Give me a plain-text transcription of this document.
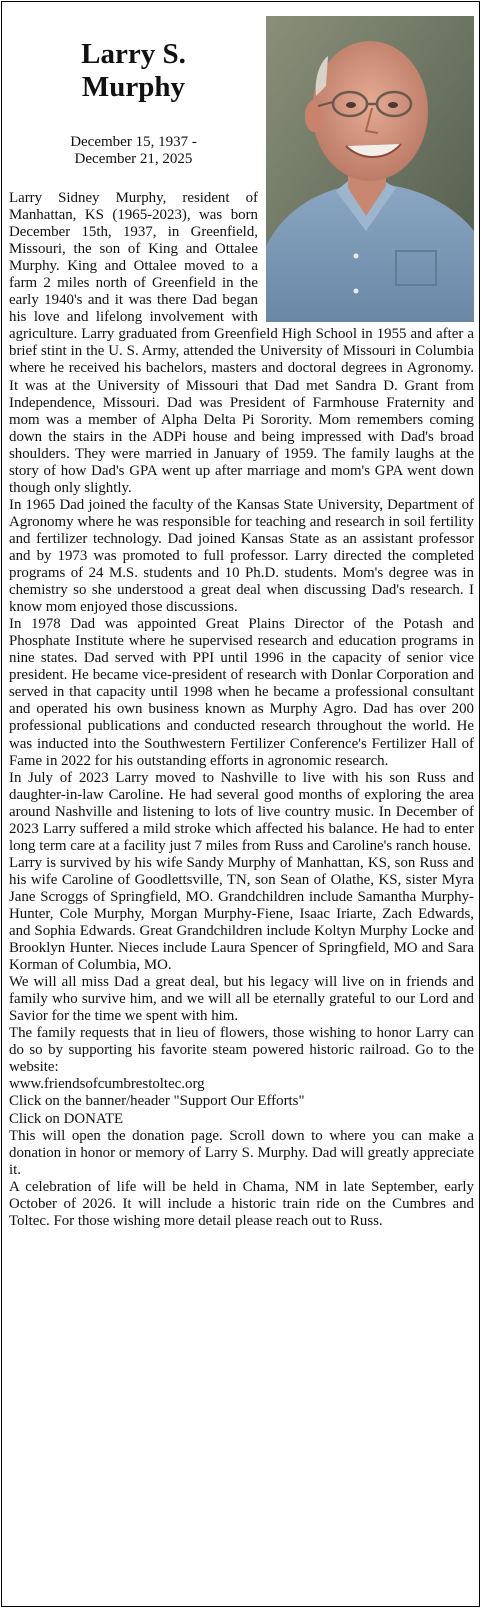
Larry S.
Murphy
December 15, 1937 -
December 21, 2025

Larry Sidney Murphy, resident of Manhattan, KS (1965-2023), was born December 15th, 1937, in Greenfield, Missouri, the son of King and Ottalee Murphy. King and Ottalee moved to a farm 2 miles north of Greenfield in the early 1940's and it was there Dad began his love and lifelong involvement with agriculture. Larry graduated from Greenfield High School in 1955 and after a brief stint in the U. S. Army, attended the University of Missouri in Columbia where he received his bachelors, masters and doctoral degrees in Agronomy. It was at the University of Missouri that Dad met Sandra D. Grant from Independence, Missouri. Dad was President of Farmhouse Fraternity and mom was a member of Alpha Delta Pi Sorority. Mom remembers coming down the stairs in the ADPi house and being impressed with Dad's broad shoulders. They were married in January of 1959. The family laughs at the story of how Dad's GPA went up after marriage and mom's GPA went down though only slightly.

In 1965 Dad joined the faculty of the Kansas State University, Department of Agronomy where he was responsible for teaching and research in soil fertility and fertilizer technology. Dad joined Kansas State as an assistant professor and by 1973 was promoted to full professor. Larry directed the completed programs of 24 M.S. students and 10 Ph.D. students. Mom's degree was in chemistry so she understood a great deal when discussing Dad's research. I know mom enjoyed those discussions.

In 1978 Dad was appointed Great Plains Director of the Potash and Phosphate Institute where he supervised research and education programs in nine states. Dad served with PPI until 1996 in the capacity of senior vice president. He became vice-president of research with Donlar Corporation and served in that capacity until 1998 when he became a professional consultant and operated his own business known as Murphy Agro. Dad has over 200 professional publications and conducted research throughout the world. He was inducted into the Southwestern Fertilizer Conference's Fertilizer Hall of Fame in 2022 for his outstanding efforts in agronomic research.

In July of 2023 Larry moved to Nashville to live with his son Russ and daughter-in-law Caroline. He had several good months of exploring the area around Nashville and listening to lots of live country music. In December of 2023 Larry suffered a mild stroke which affected his balance. He had to enter long term care at a facility just 7 miles from Russ and Caroline's ranch house.

Larry is survived by his wife Sandy Murphy of Manhattan, KS, son Russ and his wife Caroline of Goodlettsville, TN, son Sean of Olathe, KS, sister Myra Jane Scroggs of Springfield, MO. Grandchildren include Samantha Murphy-Hunter, Cole Murphy, Morgan Murphy-Fiene, Isaac Iriarte, Zach Edwards, and Sophia Edwards. Great Grandchildren include Koltyn Murphy Locke and Brooklyn Hunter. Nieces include Laura Spencer of Springfield, MO and Sara Korman of Columbia, MO.

We will all miss Dad a great deal, but his legacy will live on in friends and family who survive him, and we will all be eternally grateful to our Lord and Savior for the time we spent with him.

The family requests that in lieu of flowers, those wishing to honor Larry can do so by supporting his favorite steam powered historic railroad. Go to the website:

www.friendsofcumbrestoltec.org

Click on the banner/header "Support Our Efforts"

Click on DONATE

This will open the donation page. Scroll down to where you can make a donation in honor or memory of Larry S. Murphy. Dad will greatly appreciate it.

A celebration of life will be held in Chama, NM in late September, early October of 2026. It will include a historic train ride on the Cumbres and Toltec. For those wishing more detail please reach out to Russ.
